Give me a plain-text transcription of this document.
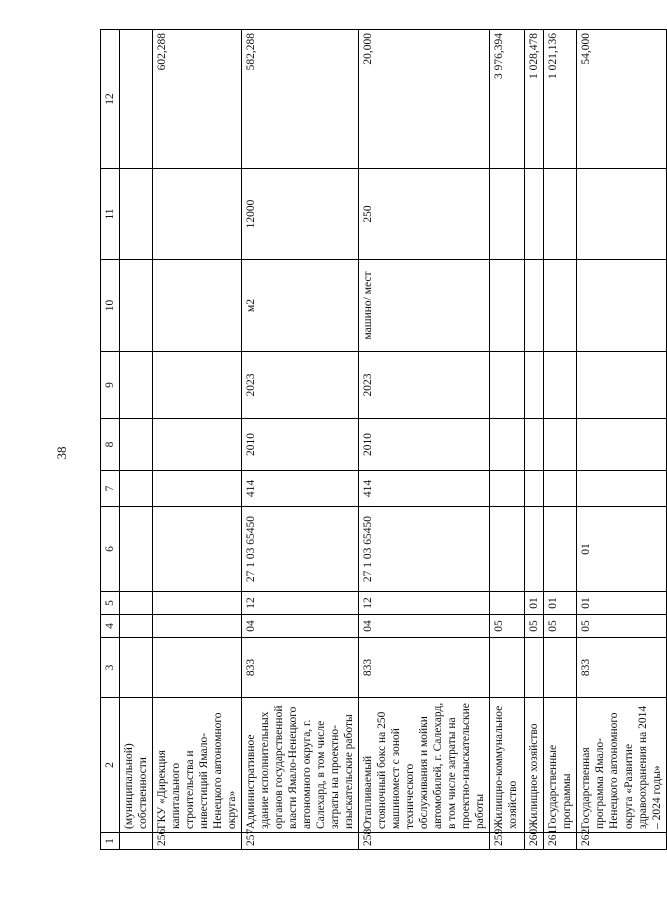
38
1	2	3	4	5	6	7	8	9	10	11	12
	(муниципальной) собственности										
256	ГКУ «Дирекция капитального строительства и инвестиций Ямало-Ненецкого автономного округа»										602,288
257	Административное здание исполнительных органов государственной власти Ямало-Ненецкого автономного округа, г. Салехард, в том числе затраты на проектно-изыскательские работы	833	04	12	27 1 03 65450	414	2010	2023	м2	12000	582,288
258	Отапливаемый стояночный бокс на 250 машиномест с зоной технического обслуживания и мойки автомобилей, г. Салехард, в том числе затраты на проектно-изыскательские работы	833	04	12	27 1 03 65450	414	2010	2023	машино/ мест	250	20,000
259	Жилищно-коммунальное хозяйство		05								3 976,394
260	Жилищное хозяйство		05	01							1 028,478
261	Государственные программы		05	01							1 021,136
262	Государственная программа Ямало-Ненецкого автономного округа «Развитие здравоохранения на 2014 – 2024 годы»	833	05	01	01						54,000
